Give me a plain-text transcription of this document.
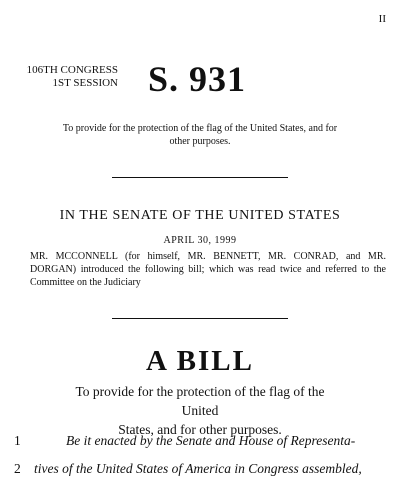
II
106TH CONGRESS
1ST SESSION S. 931
To provide for the protection of the flag of the United States, and for
other purposes.
IN THE SENATE OF THE UNITED STATES
APRIL 30, 1999
MR. MCCONNELL (for himself, MR. BENNETT, MR. CONRAD, and MR. DORGAN) introduced the following bill; which was read twice and referred to the Committee on the Judiciary
A BILL
To provide for the protection of the flag of the United
States, and for other purposes.
1	Be it enacted by the Senate and House of Representa-
2 tives of the United States of America in Congress assembled,
